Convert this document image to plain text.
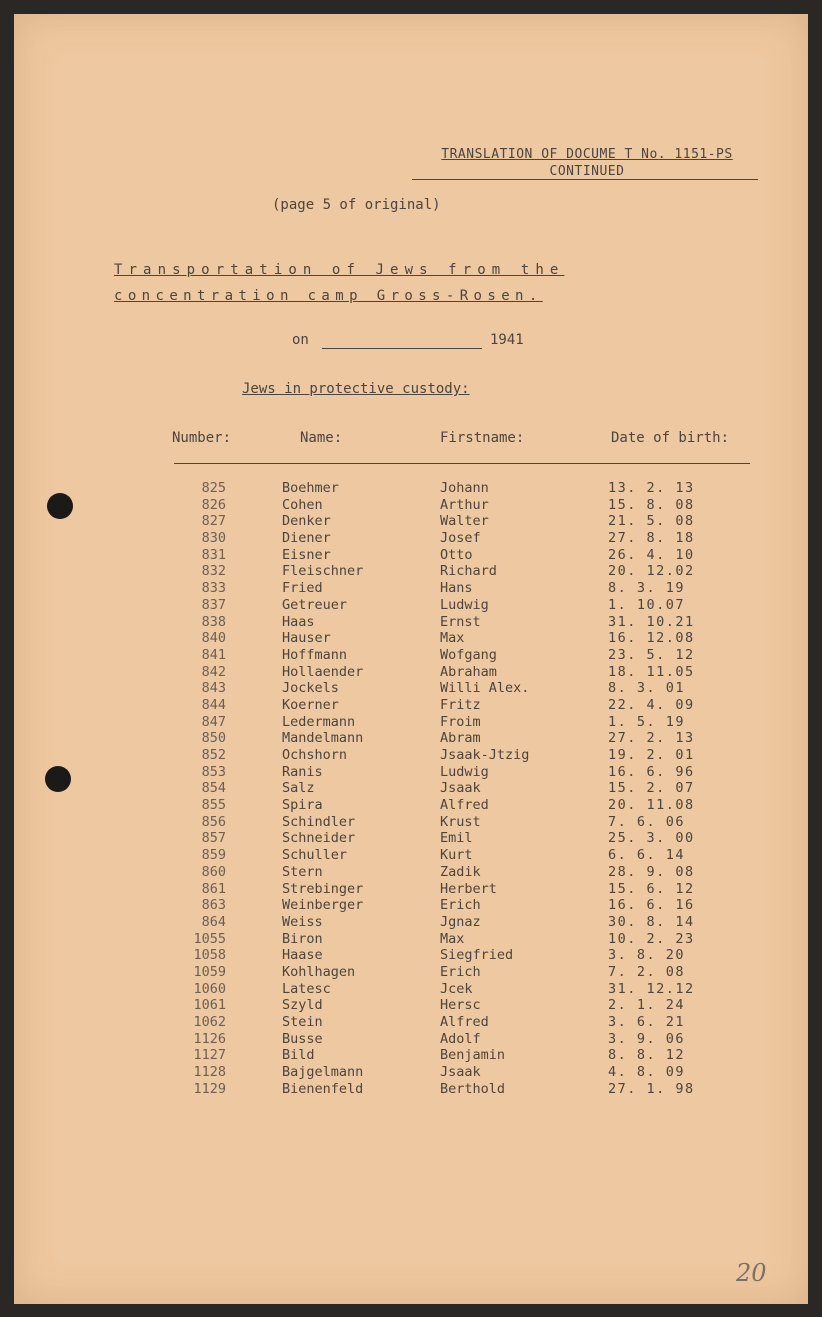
TRANSLATION OF DOCUME T No. 1151-PS
CONTINUED
(page 5 of original)
Transportation of Jews from the
concentration camp Gross-Rosen.
on	1941
Jews in protective custody:
Number:	Name:	Firstname:	Date of birth:
825	Boehmer	Johann	13. 2. 13
826	Cohen	Arthur	15. 8. 08
827	Denker	Walter	21. 5. 08
830	Diener	Josef	27. 8. 18
831	Eisner	Otto	26. 4. 10
832	Fleischner	Richard	20. 12.02
833	Fried	Hans	8. 3. 19
837	Getreuer	Ludwig	1. 10.07
838	Haas	Ernst	31. 10.21
840	Hauser	Max	16. 12.08
841	Hoffmann	Wofgang	23. 5. 12
842	Hollaender	Abraham	18. 11.05
843	Jockels	Willi Alex.	8. 3. 01
844	Koerner	Fritz	22. 4. 09
847	Ledermann	Froim	1. 5. 19
850	Mandelmann	Abram	27. 2. 13
852	Ochshorn	Jsaak-Jtzig	19. 2. 01
853	Ranis	Ludwig	16. 6. 96
854	Salz	Jsaak	15. 2. 07
855	Spira	Alfred	20. 11.08
856	Schindler	Krust	7. 6. 06
857	Schneider	Emil	25. 3. 00
859	Schuller	Kurt	6. 6. 14
860	Stern	Zadik	28. 9. 08
861	Strebinger	Herbert	15. 6. 12
863	Weinberger	Erich	16. 6. 16
864	Weiss	Jgnaz	30. 8. 14
1055	Biron	Max	10. 2. 23
1058	Haase	Siegfried	3. 8. 20
1059	Kohlhagen	Erich	7. 2. 08
1060	Latesc	Jcek	31. 12.12
1061	Szyld	Hersc	2. 1. 24
1062	Stein	Alfred	3. 6. 21
1126	Busse	Adolf	3. 9. 06
1127	Bild	Benjamin	8. 8. 12
1128	Bajgelmann	Jsaak	4. 8. 09
1129	Bienenfeld	Berthold	27. 1. 98
20
